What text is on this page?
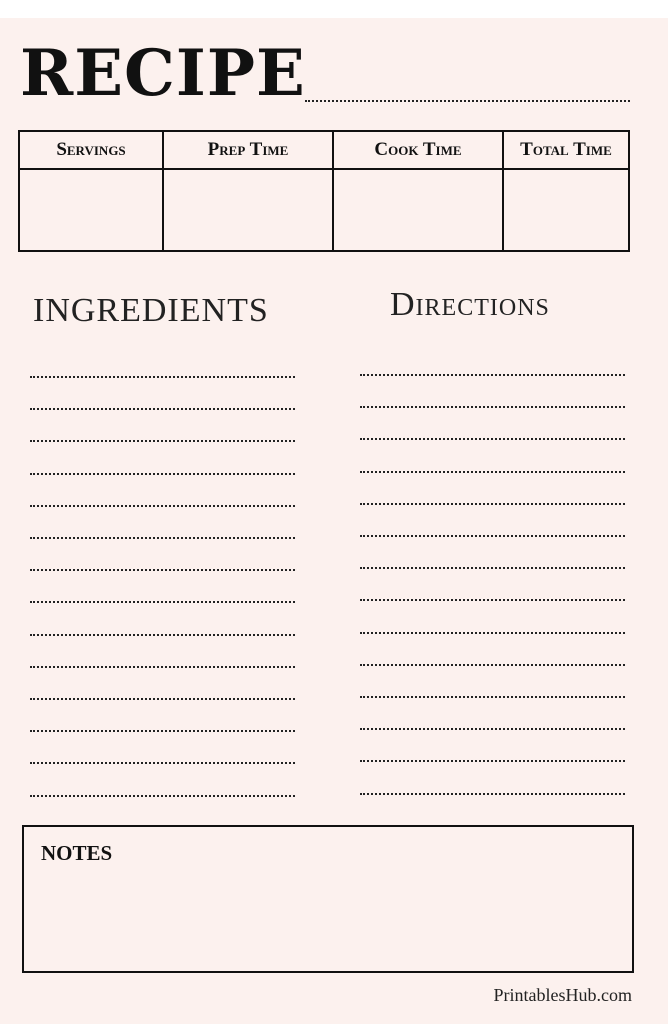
RECIPE
Servings	Prep Time	Cook Time	Total Time
INGREDIENTS	Directions
NOTES
PrintablesHub.com
